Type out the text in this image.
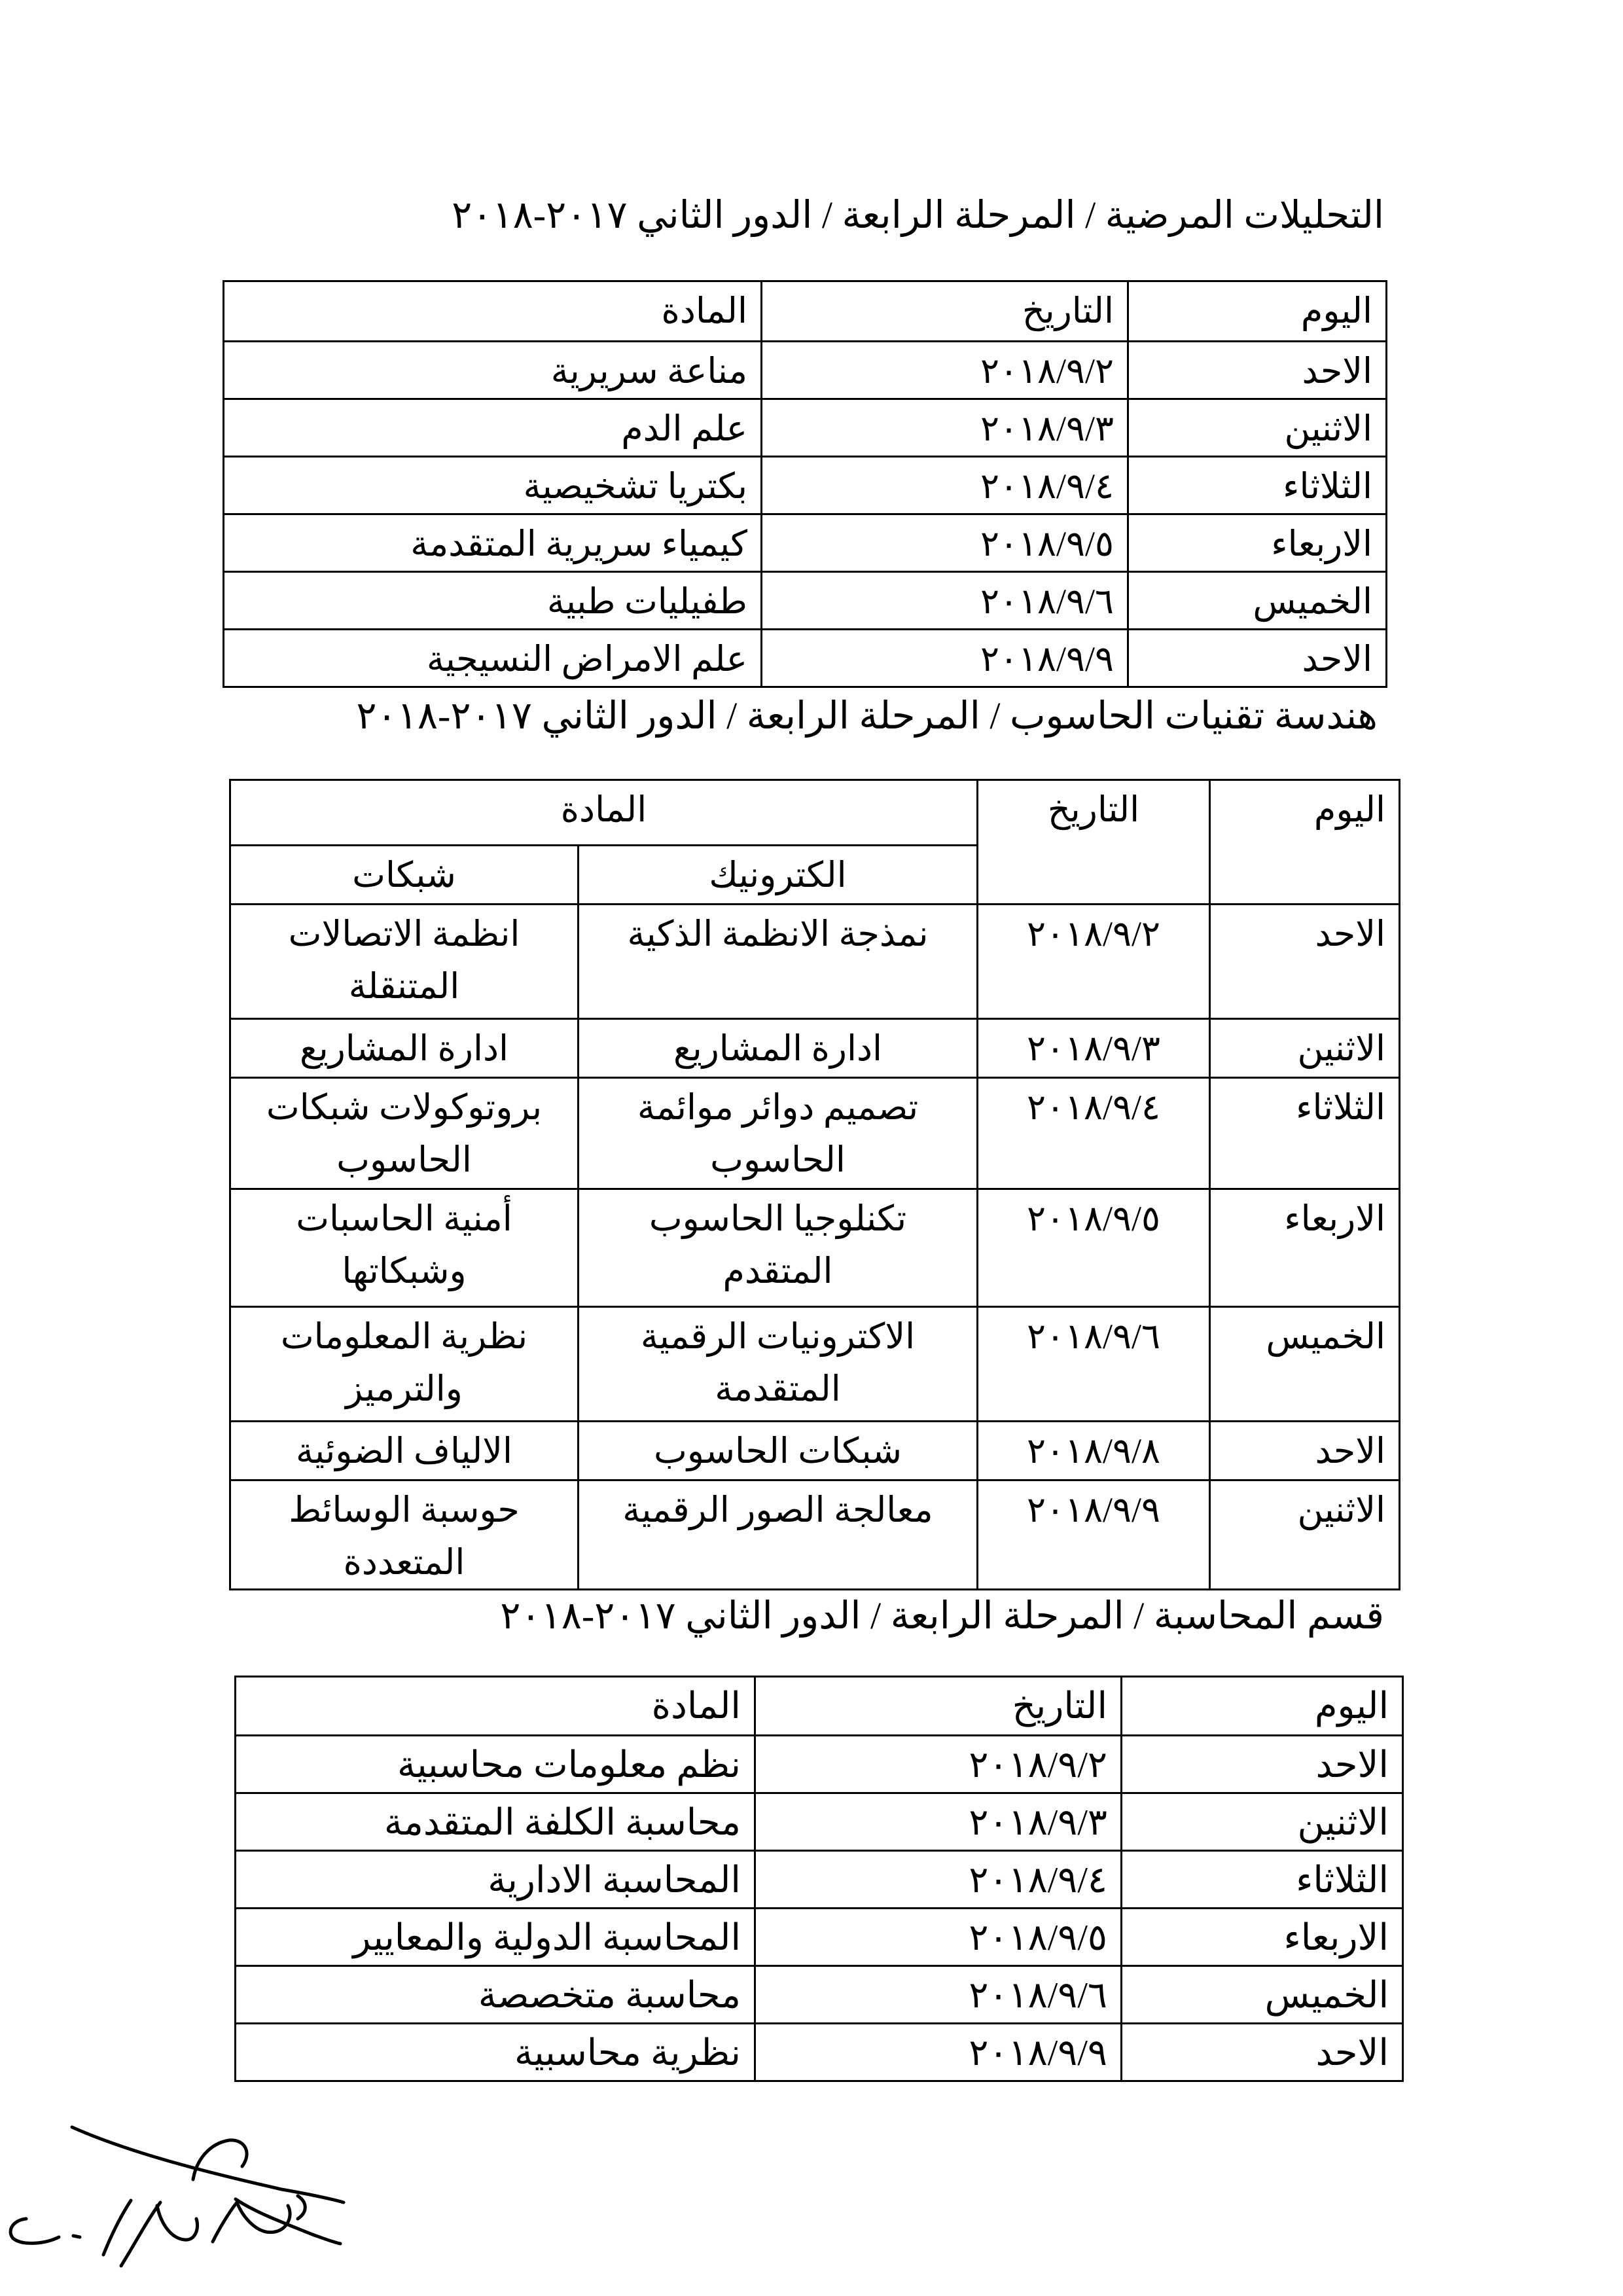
التحليلات المرضية / المرحلة الرابعة / الدور الثاني ٢٠١٧-٢٠١٨
اليوم	التاريخ	المادة
الاحد	٢٠١٨/٩/٢	مناعة سريرية
الاثنين	٢٠١٨/٩/٣	علم الدم
الثلاثاء	٢٠١٨/٩/٤	بكتريا تشخيصية
الاربعاء	٢٠١٨/٩/٥	كيمياء سريرية المتقدمة
الخميس	٢٠١٨/٩/٦	طفيليات طبية
الاحد	٢٠١٨/٩/٩	علم الامراض النسيجية
هندسة تقنيات الحاسوب / المرحلة الرابعة / الدور الثاني ٢٠١٧-٢٠١٨
اليوم	التاريخ	المادة	
		الكترونيك	شبكات
الاحد	٢٠١٨/٩/٢	نمذجة الانظمة الذكية	انظمة الاتصالات المتنقلة
الاثنين	٢٠١٨/٩/٣	ادارة المشاريع	ادارة المشاريع
الثلاثاء	٢٠١٨/٩/٤	تصميم دوائر موائمة الحاسوب	بروتوكولات شبكات الحاسوب
الاربعاء	٢٠١٨/٩/٥	تكنلوجيا الحاسوب المتقدم	أمنية الحاسبات وشبكاتها
الخميس	٢٠١٨/٩/٦	الاكترونيات الرقمية المتقدمة	نظرية المعلومات والترميز
الاحد	٢٠١٨/٩/٨	شبكات الحاسوب	الالياف الضوئية
الاثنين	٢٠١٨/٩/٩	معالجة الصور الرقمية	حوسبة الوسائط المتعددة
قسم المحاسبة / المرحلة الرابعة / الدور الثاني ٢٠١٧-٢٠١٨
اليوم	التاريخ	المادة
الاحد	٢٠١٨/٩/٢	نظم معلومات محاسبية
الاثنين	٢٠١٨/٩/٣	محاسبة الكلفة المتقدمة
الثلاثاء	٢٠١٨/٩/٤	المحاسبة الادارية
الاربعاء	٢٠١٨/٩/٥	المحاسبة الدولية والمعايير
الخميس	٢٠١٨/٩/٦	محاسبة متخصصة
الاحد	٢٠١٨/٩/٩	نظرية محاسبية
